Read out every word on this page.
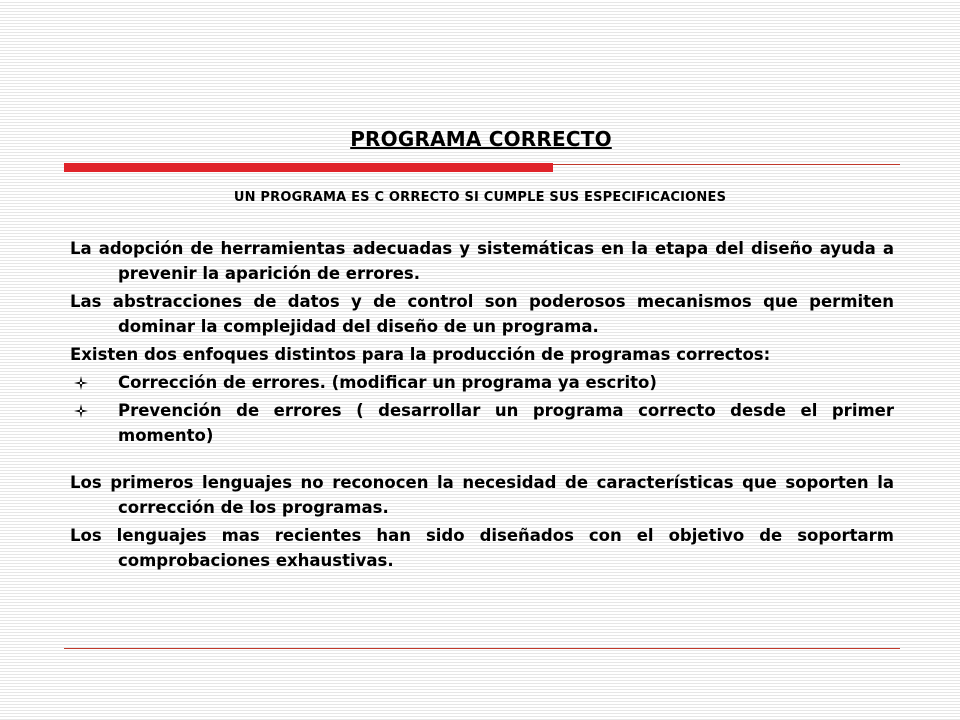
PROGRAMA CORRECTO
UN PROGRAMA ES C ORRECTO SI CUMPLE SUS ESPECIFICACIONES

La adopción de herramientas adecuadas y sistemáticas en la etapa del diseño ayuda a prevenir la aparición de errores.

Las abstracciones de datos y de control son poderosos mecanismos que permiten dominar la complejidad del diseño de un programa.

Existen dos enfoques distintos para la producción de programas correctos:

Corrección de errores. (modificar un programa ya escrito)
Prevención de errores ( desarrollar un programa correcto desde el primer momento)

Los primeros lenguajes no reconocen la necesidad de características que soporten la corrección de los programas.

Los lenguajes mas recientes han sido diseñados con el objetivo de soportarm comprobaciones exhaustivas.
